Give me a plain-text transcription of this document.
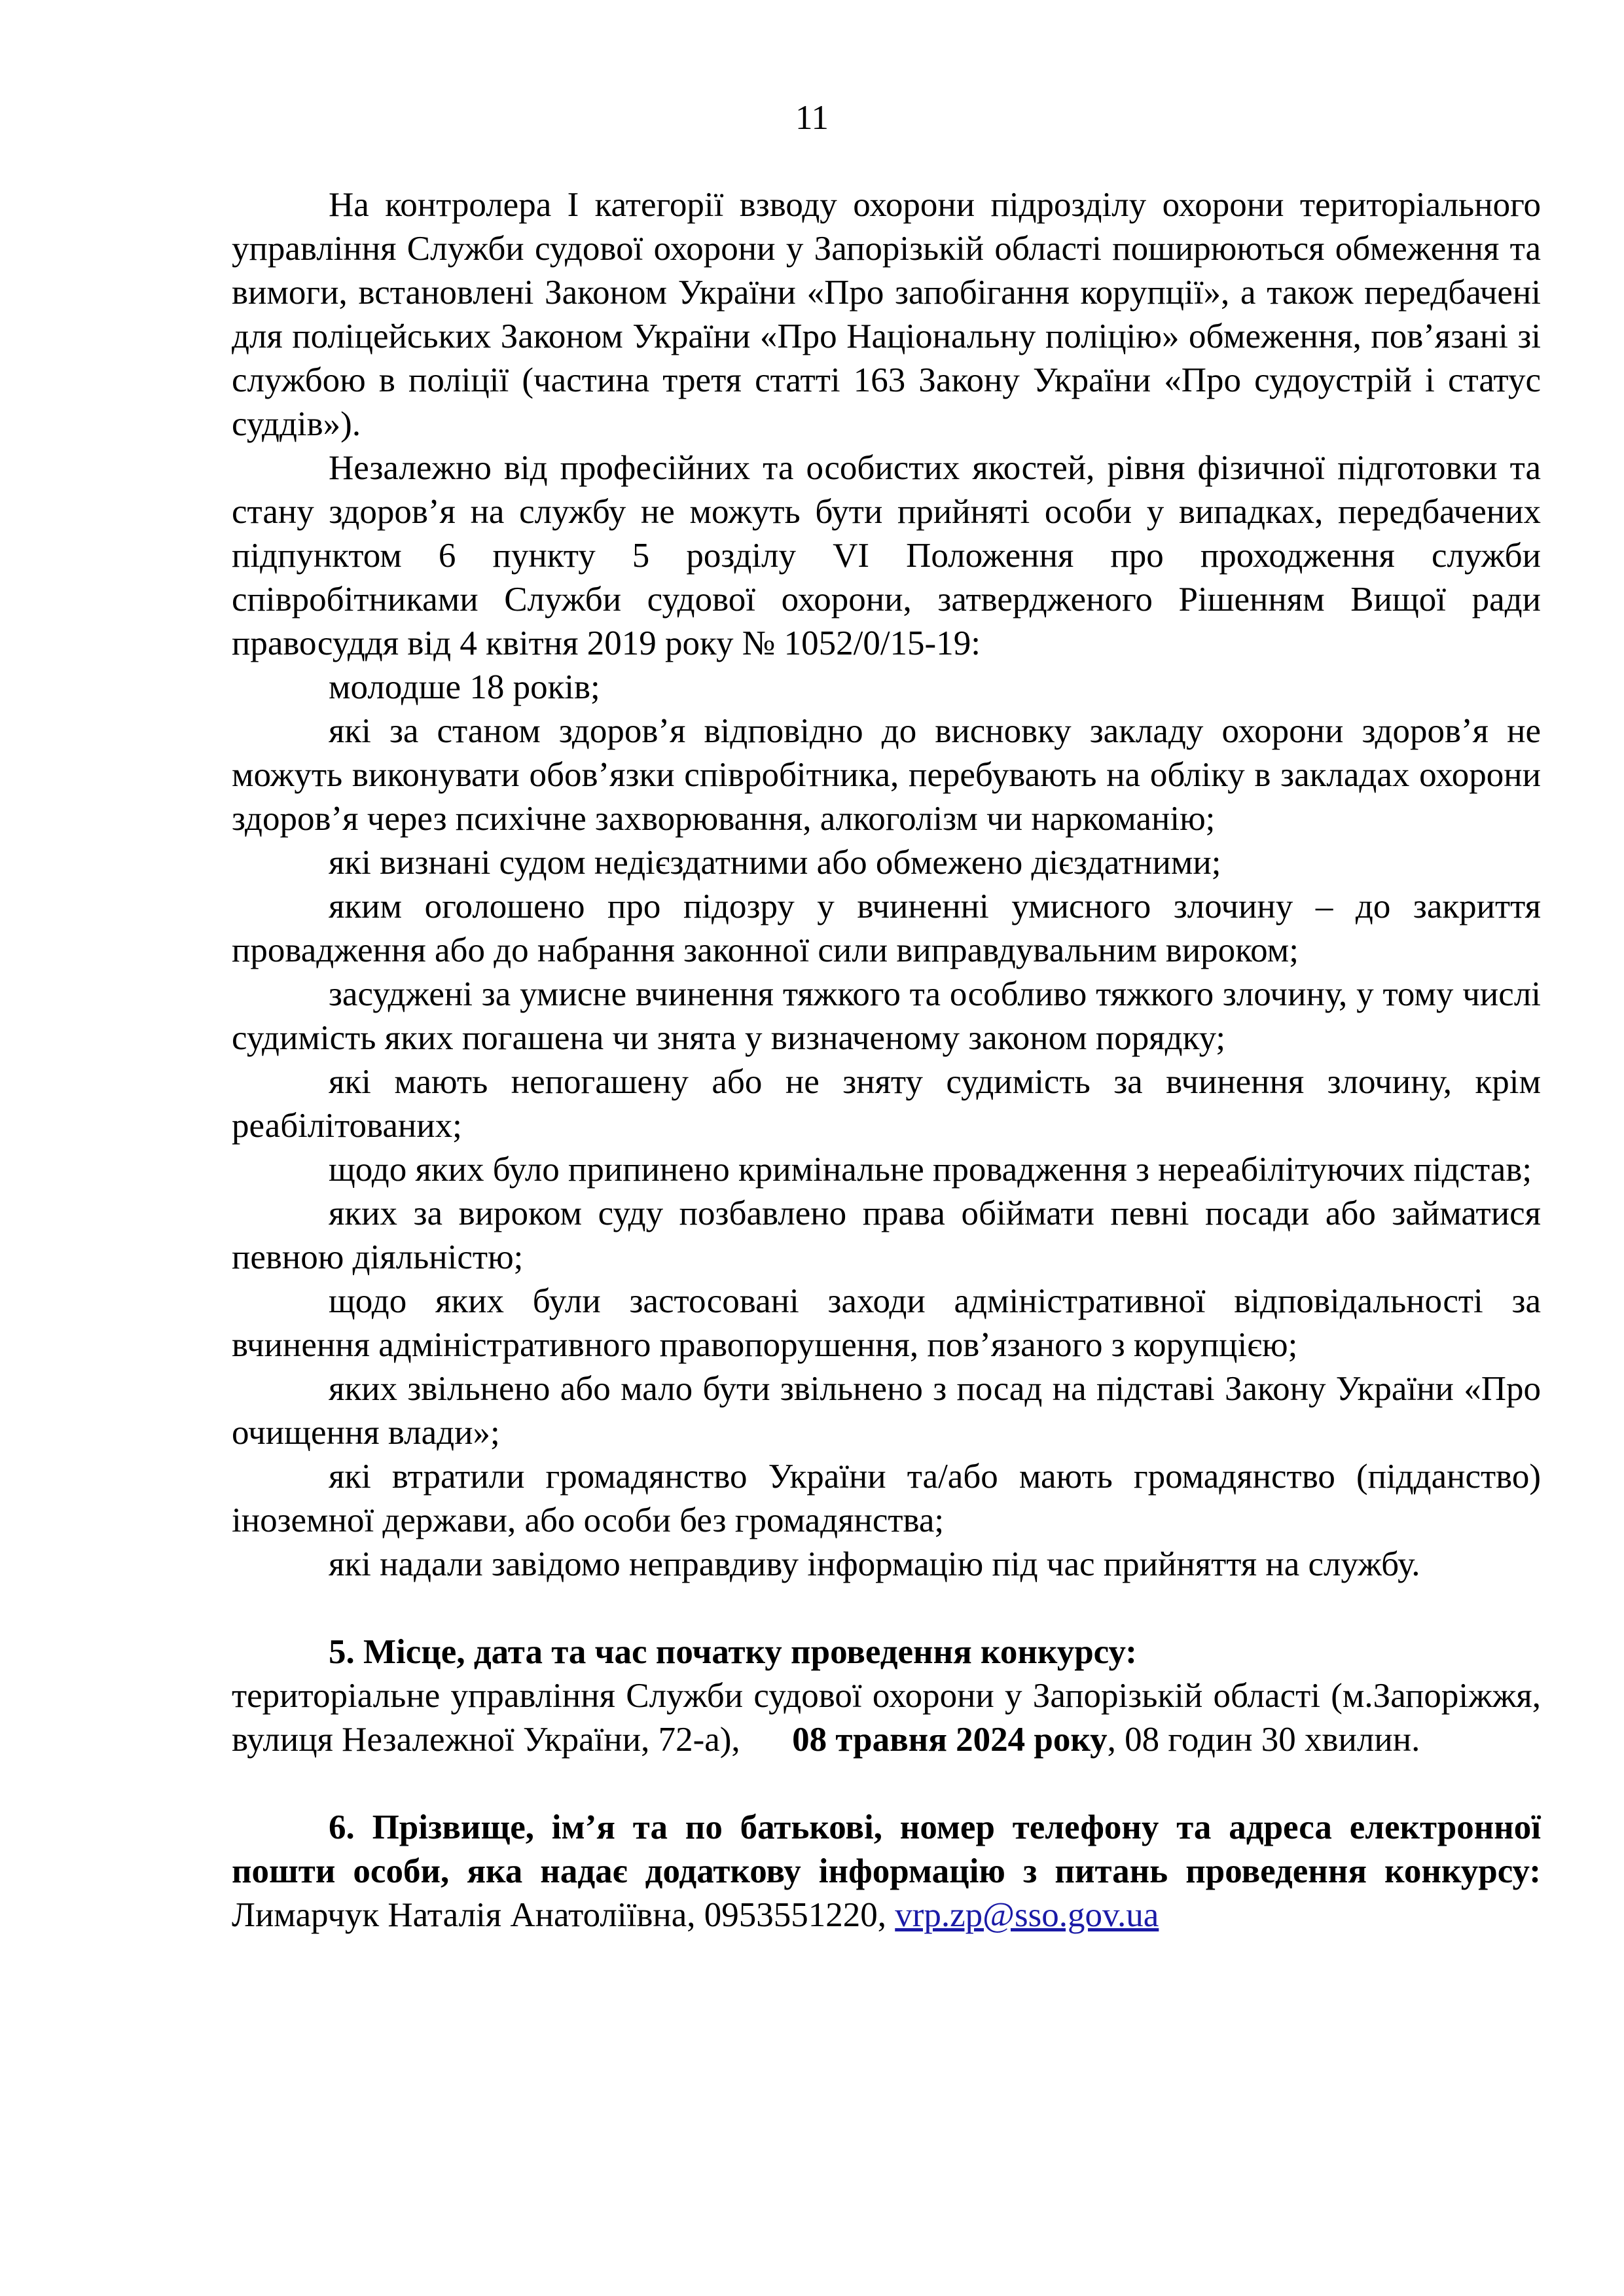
11

На контролера І категорії взводу охорони підрозділу охорони територіального управління Служби судової охорони у Запорізькій області поширюються обмеження та вимоги, встановлені Законом України «Про запобігання корупції», а також передбачені для поліцейських Законом України «Про Національну поліцію» обмеження, пов’язані зі службою в поліції (частина третя статті 163 Закону України «Про судоустрій і статус суддів»).

Незалежно від професійних та особистих якостей, рівня фізичної підготовки та стану здоров’я на службу не можуть бути прийняті особи у випадках, передбачених підпунктом 6 пункту 5 розділу VI Положення про проходження служби співробітниками Служби судової охорони, затвердженого Рішенням Вищої ради правосуддя від 4 квітня 2019 року № 1052/0/15-19:

молодше 18 років;

які за станом здоров’я відповідно до висновку закладу охорони здоров’я не можуть виконувати обов’язки співробітника, перебувають на обліку в закладах охорони здоров’я через психічне захворювання, алкоголізм чи наркоманію;

які визнані судом недієздатними або обмежено дієздатними;

яким оголошено про підозру у вчиненні умисного злочину – до закриття провадження або до набрання законної сили виправдувальним вироком;

засуджені за умисне вчинення тяжкого та особливо тяжкого злочину, у тому числі судимість яких погашена чи знята у визначеному законом порядку;

які мають непогашену або не зняту судимість за вчинення злочину, крім реабілітованих;

щодо яких було припинено кримінальне провадження з нереабілітуючих підстав;

яких за вироком суду позбавлено права обіймати певні посади або займатися певною діяльністю;

щодо яких були застосовані заходи адміністративної відповідальності за вчинення адміністративного правопорушення, пов’язаного з корупцією;

яких звільнено або мало бути звільнено з посад на підставі Закону України «Про очищення влади»;

які втратили громадянство України та/або мають громадянство (підданство) іноземної держави, або особи без громадянства;

які надали завідомо неправдиву інформацію під час прийняття на службу.

5. Місце, дата та час початку проведення конкурсу:

територіальне управління Служби судової охорони у Запорізькій області (м.Запоріжжя, вулиця Незалежної України, 72-а), 08 травня 2024 року, 08 годин 30 хвилин.

6. Прізвище, ім’я та по батькові, номер телефону та адреса електронної пошти особи, яка надає додаткову інформацію з питань проведення конкурсу: Лимарчук Наталія Анатоліївна, 0953551220, vrp.zp@sso.gov.ua
